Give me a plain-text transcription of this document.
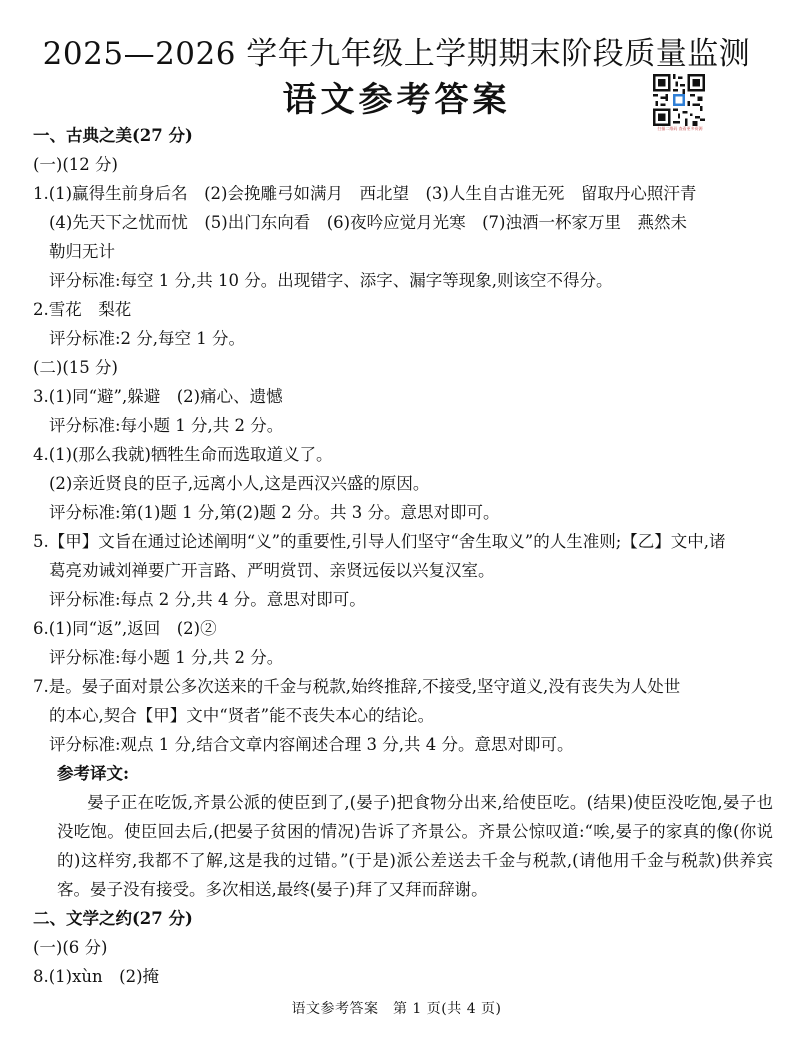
2025—2026 学年九年级上学期期末阶段质量监测
语文参考答案
扫描二维码 查看更多资源
一、古典之美(27 分)
(一)(12 分)
1.(1)赢得生前身后名　(2)会挽雕弓如满月　西北望　(3)人生自古谁无死　留取丹心照汗青
(4)先天下之忧而忧　(5)出门东向看　(6)夜吟应觉月光寒　(7)浊酒一杯家万里　燕然未
勒归无计
评分标准:每空 1 分,共 10 分。出现错字、添字、漏字等现象,则该空不得分。
2.雪花　梨花
评分标准:2 分,每空 1 分。
(二)(15 分)
3.(1)同“避”,躲避　(2)痛心、遗憾
评分标准:每小题 1 分,共 2 分。
4.(1)(那么我就)牺牲生命而选取道义了。
(2)亲近贤良的臣子,远离小人,这是西汉兴盛的原因。
评分标准:第(1)题 1 分,第(2)题 2 分。共 3 分。意思对即可。
5.【甲】文旨在通过论述阐明“义”的重要性,引导人们坚守“舍生取义”的人生准则;【乙】文中,诸
葛亮劝诫刘禅要广开言路、严明赏罚、亲贤远佞以兴复汉室。
评分标准:每点 2 分,共 4 分。意思对即可。
6.(1)同“返”,返回　(2)②
评分标准:每小题 1 分,共 2 分。
7.是。晏子面对景公多次送来的千金与税款,始终推辞,不接受,坚守道义,没有丧失为人处世
的本心,契合【甲】文中“贤者”能不丧失本心的结论。
评分标准:观点 1 分,结合文章内容阐述合理 3 分,共 4 分。意思对即可。
参考译文:
晏子正在吃饭,齐景公派的使臣到了,(晏子)把食物分出来,给使臣吃。(结果)使臣没吃饱,晏子也没吃饱。使臣回去后,(把晏子贫困的情况)告诉了齐景公。齐景公惊叹道:“唉,晏子的家真的像(你说的)这样穷,我都不了解,这是我的过错。”(于是)派公差送去千金与税款,(请他用千金与税款)供养宾客。晏子没有接受。多次相送,最终(晏子)拜了又拜而辞谢。
二、文学之约(27 分)
(一)(6 分)
8.(1)xùn　(2)掩
语文参考答案　第 1 页(共 4 页)
